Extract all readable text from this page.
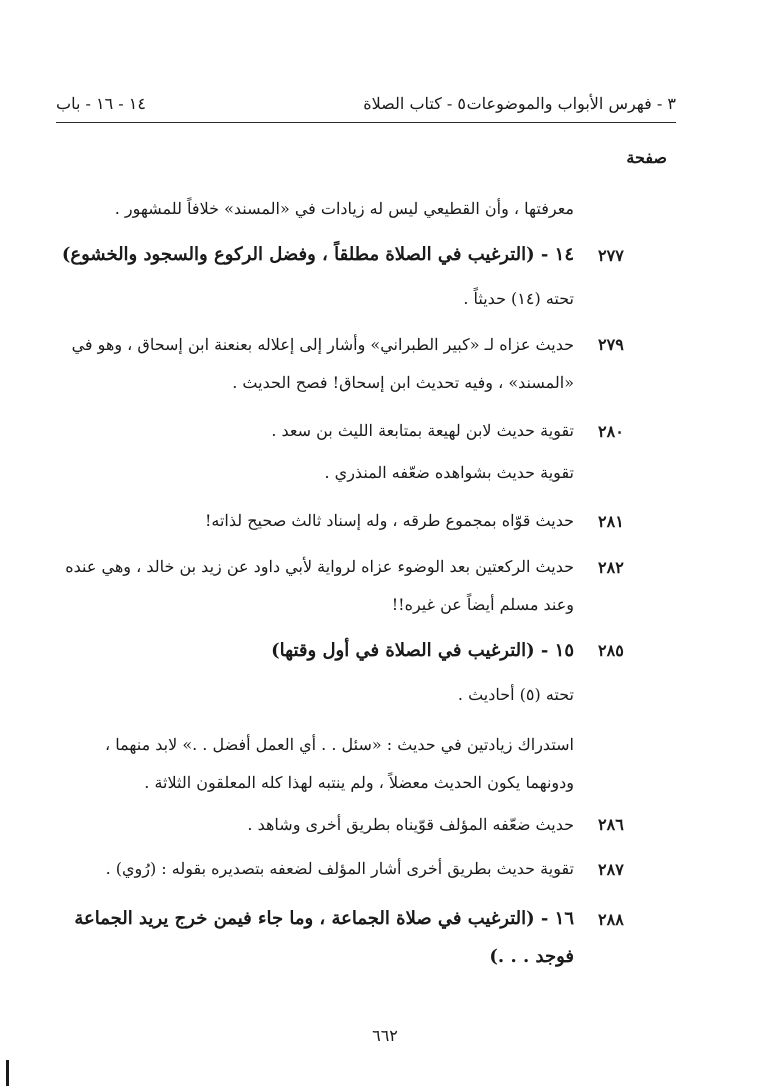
٣ - فهرس الأبواب والموضوعات
٥ - كتاب الصلاة
١٤ - ١٦ - باب
صفحة
معرفتها ، وأن القطيعي ليس له زيادات في «المسند» خلافاً للمشهور .
٢٧٧
١٤ - (الترغيب في الصلاة مطلقاً ، وفضل الركوع والسجود والخشوع)
تحته (١٤) حديثاً .
٢٧٩
حديث عزاه لـ «كبير الطبراني» وأشار إلى إعلاله بعنعنة ابن إسحاق ، وهو في «المسند» ، وفيه تحديث ابن إسحاق! فصح الحديث .
٢٨٠
تقوية حديث لابن لهيعة بمتابعة الليث بن سعد .
تقوية حديث بشواهده ضعّفه المنذري .
٢٨١
حديث قوّاه بمجموع طرقه ، وله إسناد ثالث صحيح لذاته!
٢٨٢
حديث الركعتين بعد الوضوء عزاه لرواية لأبي داود عن زيد بن خالد ، وهي عنده وعند مسلم أيضاً عن غيره!!
٢٨٥
١٥ - (الترغيب في الصلاة في أول وقتها)
تحته (٥) أحاديث .
استدراك زيادتين في حديث : «سئل . . أي العمل أفضل . .» لابد منهما ، ودونهما يكون الحديث معضلاً ، ولم ينتبه لهذا كله المعلقون الثلاثة .
٢٨٦
حديث ضعّفه المؤلف قوّيناه بطريق أخرى وشاهد .
٢٨٧
تقوية حديث بطريق أخرى أشار المؤلف لضعفه بتصديره بقوله : (رُوي) .
٢٨٨
١٦ - (الترغيب في صلاة الجماعة ، وما جاء فيمن خرج يريد الجماعة فوجد . . .)
٦٦٢
